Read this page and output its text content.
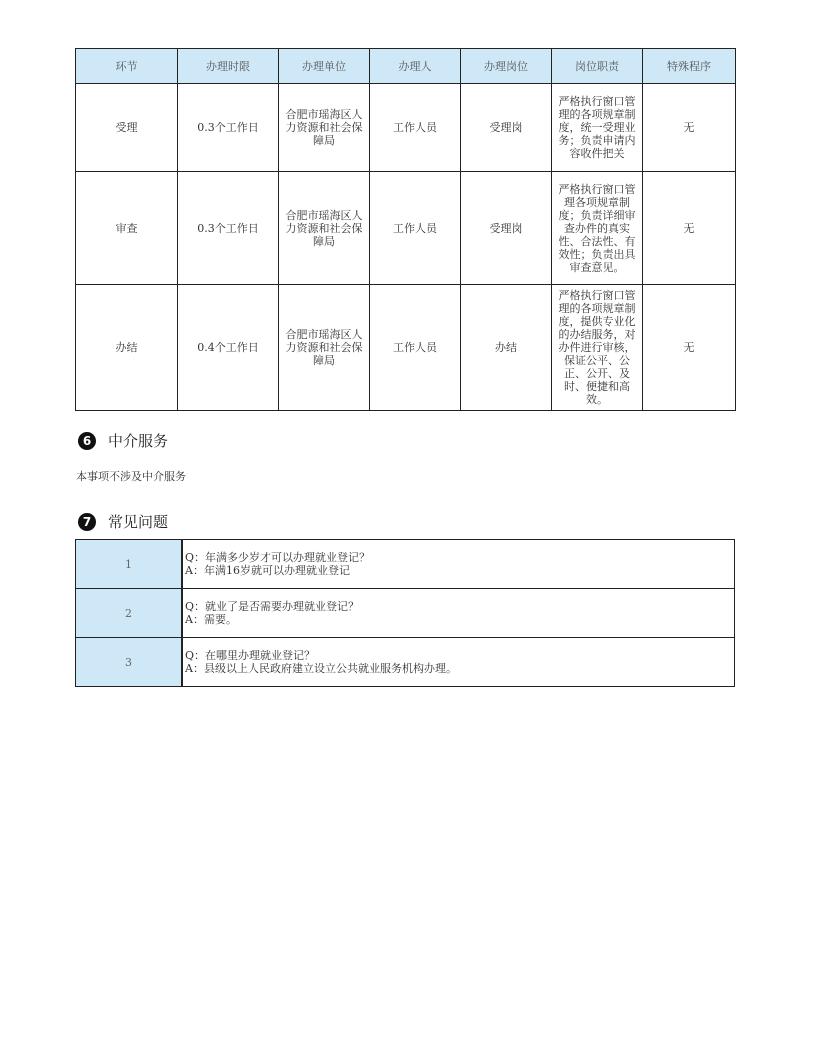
环节	办理时限	办理单位	办理人	办理岗位	岗位职责	特殊程序
受理	0.3个工作日	合肥市瑶海区人力资源和社会保障局	工作人员	受理岗	严格执行窗口管理的各项规章制度，统一受理业务；负责申请内容收件把关	无
审查	0.3个工作日	合肥市瑶海区人力资源和社会保障局	工作人员	受理岗	严格执行窗口管理各项规章制度；负责详细审查办件的真实性、合法性、有效性；负责出具审查意见。	无
办结	0.4个工作日	合肥市瑶海区人力资源和社会保障局	工作人员	办结	严格执行窗口管理的各项规章制度，提供专业化的办结服务，对办件进行审核，保证公平、公正、公开、及时、便捷和高效。	无
6	中介服务
本事项不涉及中介服务
7	常见问题
1	Q：年满多少岁才可以办理就业登记？
A：年满16岁就可以办理就业登记

2	Q：就业了是否需要办理就业登记？
A：需要。

3	Q：在哪里办理就业登记？
A：县级以上人民政府建立设立公共就业服务机构办理。
